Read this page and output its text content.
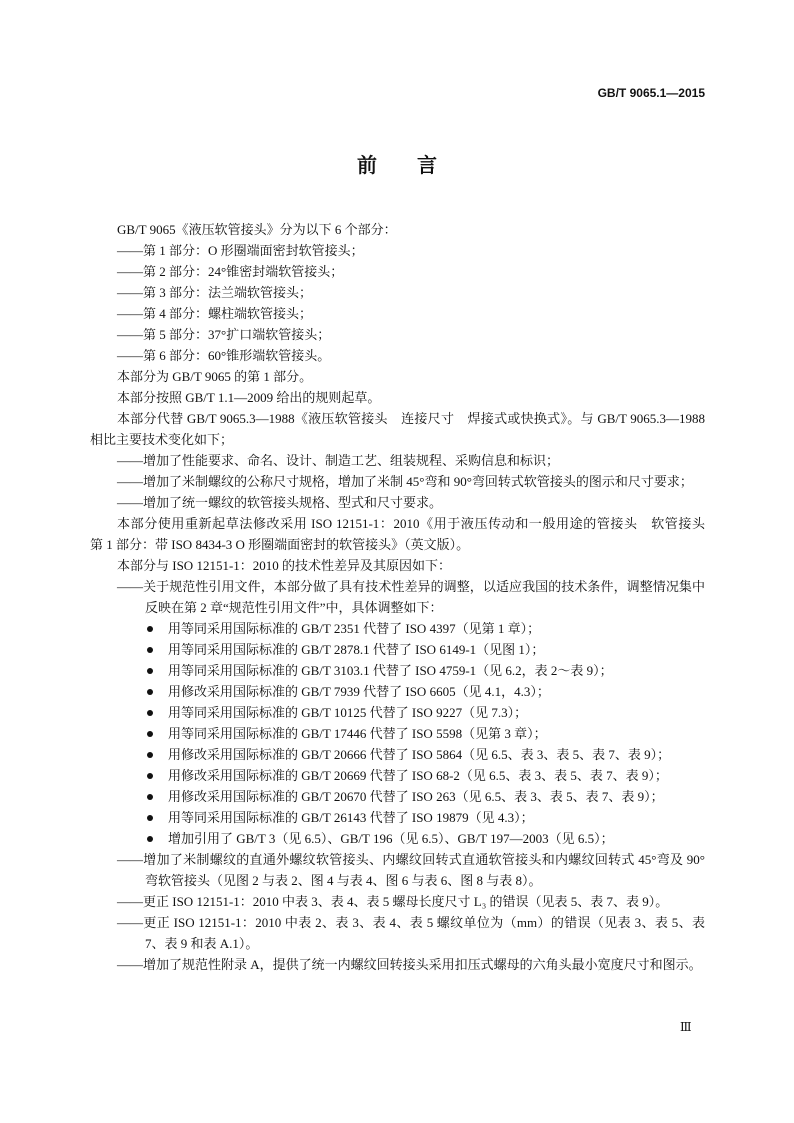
GB/T 9065.1—2015
前　　言

GB/T 9065《液压软管接头》分为以下 6 个部分：

——第 1 部分：O 形圈端面密封软管接头；

——第 2 部分：24°锥密封端软管接头；

——第 3 部分：法兰端软管接头；

——第 4 部分：螺柱端软管接头；

——第 5 部分：37°扩口端软管接头；

——第 6 部分：60°锥形端软管接头。

本部分为 GB/T 9065 的第 1 部分。

本部分按照 GB/T 1.1—2009 给出的规则起草。

本部分代替 GB/T 9065.3—1988《液压软管接头　连接尺寸　焊接式或快换式》。与 GB/T 9065.3—1988 相比主要技术变化如下；

——增加了性能要求、命名、设计、制造工艺、组装规程、采购信息和标识；

——增加了米制螺纹的公称尺寸规格，增加了米制 45°弯和 90°弯回转式软管接头的图示和尺寸要求；

——增加了统一螺纹的软管接头规格、型式和尺寸要求。

本部分使用重新起草法修改采用 ISO 12151-1：2010《用于液压传动和一般用途的管接头　软管接头　第 1 部分：带 ISO 8434-3 O 形圈端面密封的软管接头》（英文版）。

本部分与 ISO 12151-1：2010 的技术性差异及其原因如下：

——关于规范性引用文件，本部分做了具有技术性差异的调整，以适应我国的技术条件，调整情况集中反映在第 2 章“规范性引用文件”中，具体调整如下：

用等同采用国际标准的 GB/T 2351 代替了 ISO 4397（见第 1 章）；
用等同采用国际标准的 GB/T 2878.1 代替了 ISO 6149-1（见图 1）；
用等同采用国际标准的 GB/T 3103.1 代替了 ISO 4759-1（见 6.2，表 2～表 9）；
用修改采用国际标准的 GB/T 7939 代替了 ISO 6605（见 4.1，4.3）；
用等同采用国际标准的 GB/T 10125 代替了 ISO 9227（见 7.3）；
用等同采用国际标准的 GB/T 17446 代替了 ISO 5598（见第 3 章）；
用修改采用国际标准的 GB/T 20666 代替了 ISO 5864（见 6.5、表 3、表 5、表 7、表 9）；
用修改采用国际标准的 GB/T 20669 代替了 ISO 68-2（见 6.5、表 3、表 5、表 7、表 9）；
用修改采用国际标准的 GB/T 20670 代替了 ISO 263（见 6.5、表 3、表 5、表 7、表 9）；
用等同采用国际标准的 GB/T 26143 代替了 ISO 19879（见 4.3）；
增加引用了 GB/T 3（见 6.5）、GB/T 196（见 6.5）、GB/T 197—2003（见 6.5）；

——增加了米制螺纹的直通外螺纹软管接头、内螺纹回转式直通软管接头和内螺纹回转式 45°弯及 90°弯软管接头（见图 2 与表 2、图 4 与表 4、图 6 与表 6、图 8 与表 8）。

——更正 ISO 12151-1：2010 中表 3、表 4、表 5 螺母长度尺寸 L₃ 的错误（见表 5、表 7、表 9）。

——更正 ISO 12151-1：2010 中表 2、表 3、表 4、表 5 螺纹单位为（mm）的错误（见表 3、表 5、表 7、表 9 和表 A.1）。

——增加了规范性附录 A，提供了统一内螺纹回转接头采用扣压式螺母的六角头最小宽度尺寸和图示。

Ⅲ
